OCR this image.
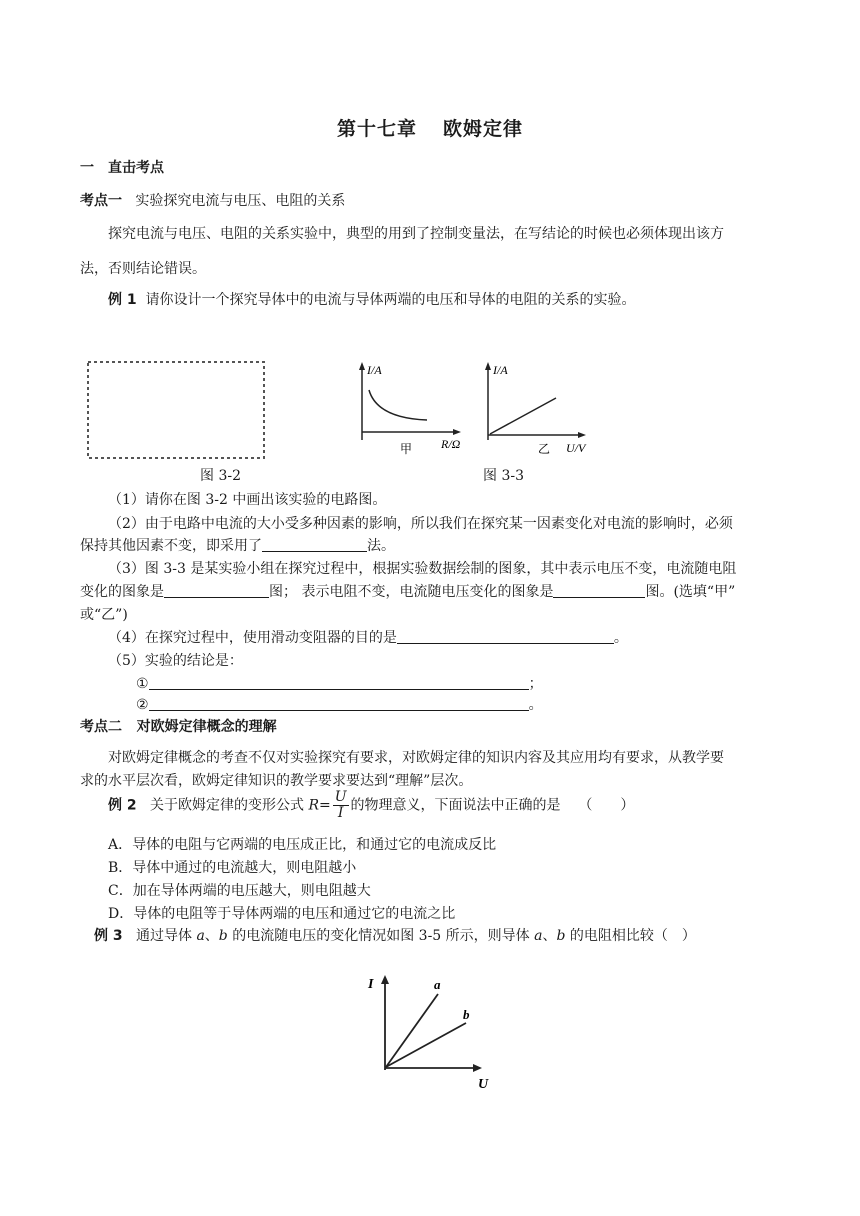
第十七章 欧姆定律
一　直击考点
考点一 实验探究电流与电压、电阻的关系
探究电流与电压、电阻的关系实验中，典型的用到了控制变量法，在写结论的时候也必须体现出该方
法，否则结论错误。
例 1 请你设计一个探究导体中的电流与导体两端的电压和导体的电阻的关系的实验。
图 3-2
I/A
R/Ω
甲
I/A
U/V
乙
图 3-3
（1）请你在图 3-2 中画出该实验的电路图。
（2）由于电路中电流的大小受多种因素的影响，所以我们在探究某一因素变化对电流的影响时，必须
保持其他因素不变，即采用了	法。
（3）图 3-3 是某实验小组在探究过程中，根据实验数据绘制的图象，其中表示电压不变，电流随电阻
变化的图象是	图； 表示电阻不变，电流随电压变化的图象是	图。(选填“甲”
或“乙”)
（4）在探究过程中，使用滑动变阻器的目的是	。
（5）实验的结论是：
①	；
②	。
考点二 对欧姆定律概念的理解
对欧姆定律概念的考查不仅对实验探究有要求，对欧姆定律的知识内容及其应用均有要求，从教学要
求的水平层次看，欧姆定律知识的教学要求要达到“理解”层次。
例 2 关于欧姆定律的变形公式 $R= \frac{U}{I}$ 的物理意义，下面说法中正确的是 （　　）
A．导体的电阻与它两端的电压成正比，和通过它的电流成反比
B．导体中通过的电流越大，则电阻越小
C．加在导体两端的电压越大，则电阻越大
D．导体的电阻等于导体两端的电压和通过它的电流之比
例 3 通过导体 a、b 的电流随电压的变化情况如图 3-5 所示，则导体 a、b 的电阻相比较（　）
I
U
a
b
